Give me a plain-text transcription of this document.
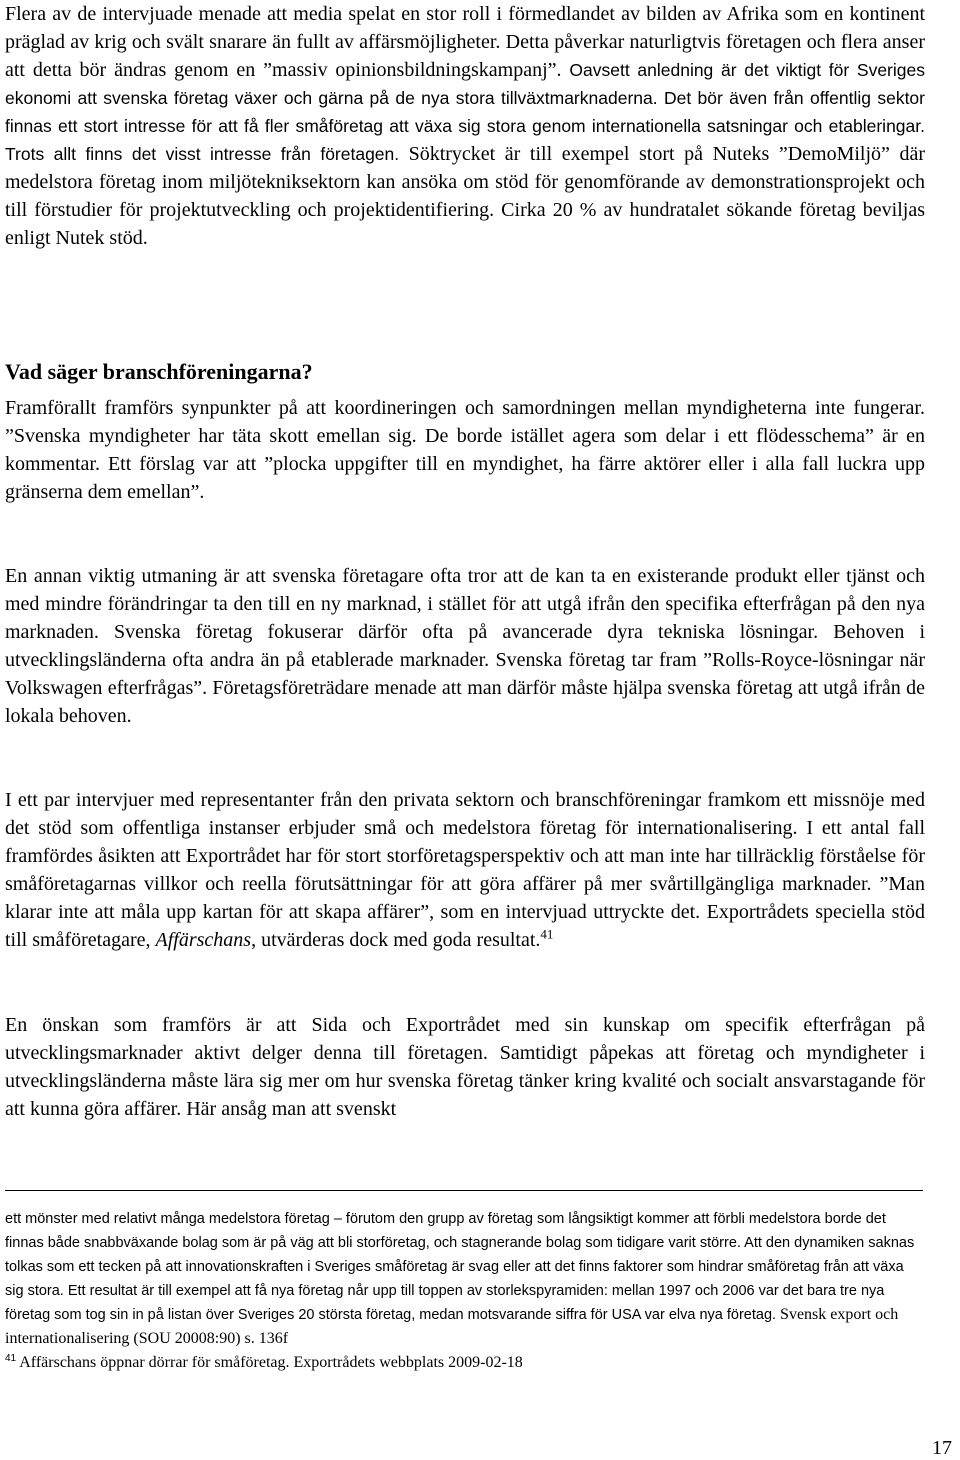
Flera av de intervjuade menade att media spelat en stor roll i förmedlandet av bilden av Afrika som en kontinent präglad av krig och svält snarare än fullt av affärsmöjligheter. Detta påverkar naturligtvis företagen och flera anser att detta bör ändras genom en ”massiv opinionsbildningskampanj”. Oavsett anledning är det viktigt för Sveriges ekonomi att svenska företag växer och gärna på de nya stora tillväxtmarknaderna. Det bör även från offentlig sektor finnas ett stort intresse för att få fler småföretag att växa sig stora genom internationella satsningar och etableringar. Trots allt finns det visst intresse från företagen. Söktrycket är till exempel stort på Nuteks ”DemoMiljö” där medelstora företag inom miljötekniksektorn kan ansöka om stöd för genomförande av demonstrationsprojekt och till förstudier för projektutveckling och projektidentifiering. Cirka 20 % av hundratalet sökande företag beviljas enligt Nutek stöd.

Vad säger branschföreningarna?

Framförallt framförs synpunkter på att koordineringen och samordningen mellan myndigheterna inte fungerar. ”Svenska myndigheter har täta skott emellan sig. De borde istället agera som delar i ett flödesschema” är en kommentar. Ett förslag var att ”plocka uppgifter till en myndighet, ha färre aktörer eller i alla fall luckra upp gränserna dem emellan”.

En annan viktig utmaning är att svenska företagare ofta tror att de kan ta en existerande produkt eller tjänst och med mindre förändringar ta den till en ny marknad, i stället för att utgå ifrån den specifika efterfrågan på den nya marknaden. Svenska företag fokuserar därför ofta på avancerade dyra tekniska lösningar. Behoven i utvecklingsländerna ofta andra än på etablerade marknader. Svenska företag tar fram ”Rolls-Royce-lösningar när Volkswagen efterfrågas”. Företagsföreträdare menade att man därför måste hjälpa svenska företag att utgå ifrån de lokala behoven.

I ett par intervjuer med representanter från den privata sektorn och branschföreningar framkom ett missnöje med det stöd som offentliga instanser erbjuder små och medelstora företag för internationalisering. I ett antal fall framfördes åsikten att Exportrådet har för stort storföretagsperspektiv och att man inte har tillräcklig förståelse för småföretagarnas villkor och reella förutsättningar för att göra affärer på mer svårtillgängliga marknader. ”Man klarar inte att måla upp kartan för att skapa affärer”, som en intervjuad uttryckte det. Exportrådets speciella stöd till småföretagare, Affärschans, utvärderas dock med goda resultat.$^{41}$

En önskan som framförs är att Sida och Exportrådet med sin kunskap om specifik efterfrågan på utvecklingsmarknader aktivt delger denna till företagen. Samtidigt påpekas att företag och myndigheter i utvecklingsländerna måste lära sig mer om hur svenska företag tänker kring kvalité och socialt ansvarstagande för att kunna göra affärer. Här ansåg man att svenskt

ett mönster med relativt många medelstora företag – förutom den grupp av företag som långsiktigt kommer att förbli medelstora borde det finnas både snabbväxande bolag som är på väg att bli storföretag, och stagnerande bolag som tidigare varit större. Att den dynamiken saknas tolkas som ett tecken på att innovationskraften i Sveriges småföretag är svag eller att det finns faktorer som hindrar småföretag från att växa sig stora. Ett resultat är till exempel att få nya företag når upp till toppen av storlekspyramiden: mellan 1997 och 2006 var det bara tre nya företag som tog sin in på listan över Sveriges 20 största företag, medan motsvarande siffra för USA var elva nya företag. Svensk export och internationalisering (SOU 20008:90) s. 136f

$^{41}$ Affärschans öppnar dörrar för småföretag. Exportrådets webbplats 2009-02-18

17
